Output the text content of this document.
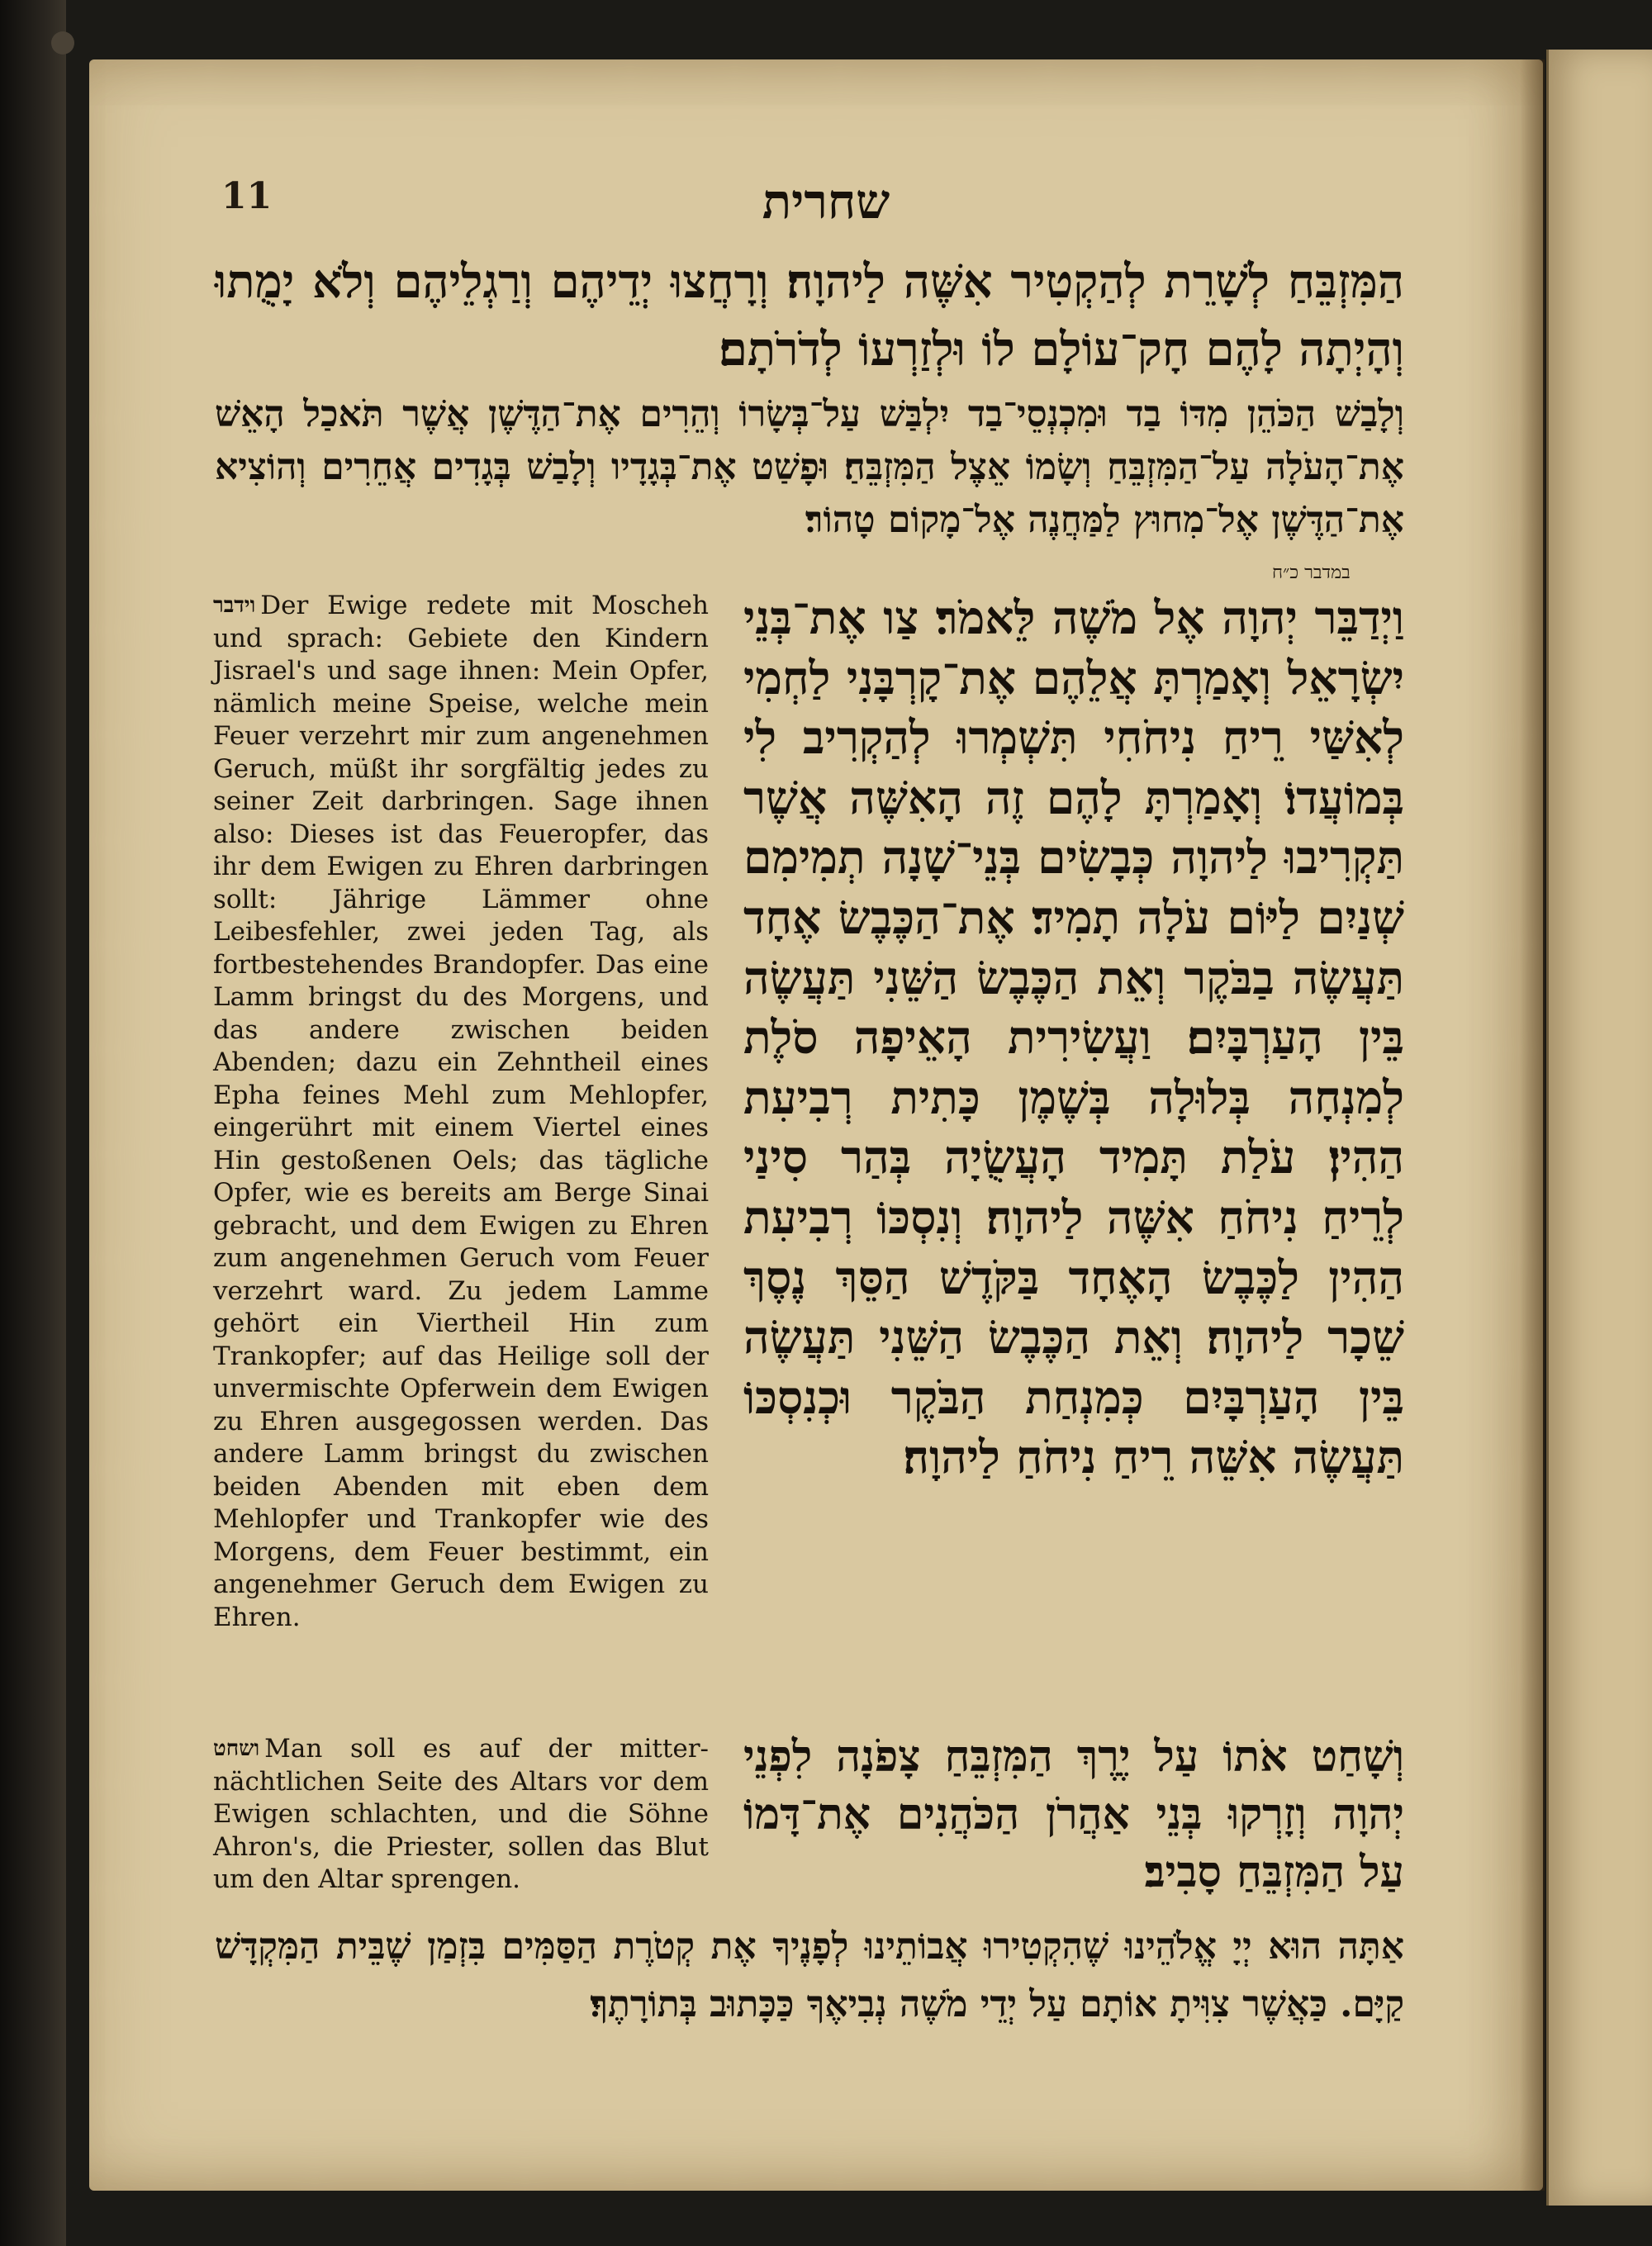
11	שחרית
הַמִּזְבֵּחַ לְשָׁרֵת לְהַקְטִיר אִשֶּׁה לַיהוָה׃ וְרָחֲצוּ יְדֵיהֶם וְרַגְלֵיהֶם וְלֹא יָמֻתוּ וְהָיְתָה לָהֶם חָק־עוֹלָם לוֹ וּלְזַרְעוֹ לְדֹרֹתָם׃
וְלָבַשׁ הַכֹּהֵן מִדּוֹ בַד וּמִכְנְסֵי־בַד יִלְבַּשׁ עַל־בְּשָׂרוֹ וְהֵרִים אֶת־הַדֶּשֶׁן אֲשֶׁר תֹּאכַל הָאֵשׁ אֶת־הָעֹלָה עַל־הַמִּזְבֵּחַ וְשָׂמוֹ אֵצֶל הַמִּזְבֵּחַ׃ וּפָשַׁט אֶת־בְּגָדָיו וְלָבַשׁ בְּגָדִים אֲחֵרִים וְהוֹצִיא אֶת־הַדֶּשֶׁן אֶל־מִחוּץ לַמַּחֲנֶה אֶל־מָקוֹם טָהוֹר׃
במדבר כ״ח
וידבר Der Ewige redete mit Moscheh und sprach: Gebiete den Kindern Jisrael's und sage ihnen: Mein Opfer, nämlich meine Speise, welche mein Feuer verzehrt mir zum angenehmen Geruch, müßt ihr sorgfältig jedes zu seiner Zeit darbringen. Sage ihnen also: Dieses ist das Feueropfer, das ihr dem Ewigen zu Ehren darbringen sollt: Jährige Lämmer ohne Leibesfehler, zwei jeden Tag, als fortbestehendes Brandopfer. Das eine Lamm bringst du des Morgens, und das andere zwischen beiden Abenden; dazu ein Zehntheil eines Epha feines Mehl zum Mehlopfer, eingerührt mit einem Viertel eines Hin gestoßenen Oels; das tägliche Opfer, wie es bereits am Berge Sinai gebracht, und dem Ewigen zu Ehren zum angenehmen Geruch vom Feuer verzehrt ward. Zu jedem Lamme gehört ein Viertheil Hin zum Trankopfer; auf das Heilige soll der unvermischte Opferwein dem Ewigen zu Ehren ausgegossen werden. Das andere Lamm bringst du zwischen beiden Abenden mit eben dem Mehlopfer und Trankopfer wie des Morgens, dem Feuer bestimmt, ein angenehmer Geruch dem Ewigen zu Ehren.
וַיְדַבֵּר יְהוָה אֶל מֹשֶׁה לֵּאמֹר׃ צַו אֶת־בְּנֵי יִשְׂרָאֵל וְאָמַרְתָּ אֲלֵהֶם אֶת־קָרְבָּנִי לַחְמִי לְאִשַּׁי רֵיחַ נִיחֹחִי תִּשְׁמְרוּ לְהַקְרִיב לִי בְּמוֹעֲדוֹ׃ וְאָמַרְתָּ לָהֶם זֶה הָאִשֶּׁה אֲשֶׁר תַּקְרִיבוּ לַיהוָה כְּבָשִׂים בְּנֵי־שָׁנָה תְמִימִם שְׁנַיִם לַיּוֹם עֹלָה תָמִיד׃ אֶת־הַכֶּבֶשׂ אֶחָד תַּעֲשֶׂה בַבֹּקֶר וְאֵת הַכֶּבֶשׂ הַשֵּׁנִי תַּעֲשֶׂה בֵּין הָעַרְבָּיִם׃ וַעֲשִׂירִית הָאֵיפָה סֹלֶת לְמִנְחָה בְּלוּלָה בְּשֶׁמֶן כָּתִית רְבִיעִת הַהִין׃ עֹלַת תָּמִיד הָעֲשֻׂיָה בְּהַר סִינַי לְרֵיחַ נִיחֹחַ אִשֶּׁה לַיהוָה׃ וְנִסְכּוֹ רְבִיעִת הַהִין לַכֶּבֶשׂ הָאֶחָד בַּקֹּדֶשׁ הַסֵּךְ נֶסֶךְ שֵׁכָר לַיהוָה׃ וְאֵת הַכֶּבֶשׂ הַשֵּׁנִי תַּעֲשֶׂה בֵּין הָעַרְבָּיִם כְּמִנְחַת הַבֹּקֶר וּכְנִסְכּוֹ תַּעֲשֶׂה אִשֵּׁה רֵיחַ נִיחֹחַ לַיהוָה׃
ושחט Man soll es auf der mitternächtlichen Seite des Altars vor dem Ewigen schlachten, und die Söhne Ahron's, die Priester, sollen das Blut um den Altar sprengen.
וְשָׁחַט אֹתוֹ עַל יֶרֶךְ הַמִּזְבֵּחַ צָפֹנָה לִפְנֵי יְהוָה וְזָרְקוּ בְּנֵי אַהֲרֹן הַכֹּהֲנִים אֶת־דָּמוֹ עַל הַמִּזְבֵּחַ סָבִיב׃
אַתָּה הוּא יְיָ אֱלֹהֵינוּ שֶׁהִקְטִירוּ אֲבוֹתֵינוּ לְפָנֶיךָ אֶת קְטֹרֶת הַסַּמִּים בִּזְמַן שֶׁבֵּית הַמִּקְדָּשׁ קַיָּם. כַּאֲשֶׁר צִוִּיתָ אוֹתָם עַל יְדֵי מֹשֶׁה נְבִיאֶךָ כַּכָּתוּב בְּתוֹרָתֶךָ׃
